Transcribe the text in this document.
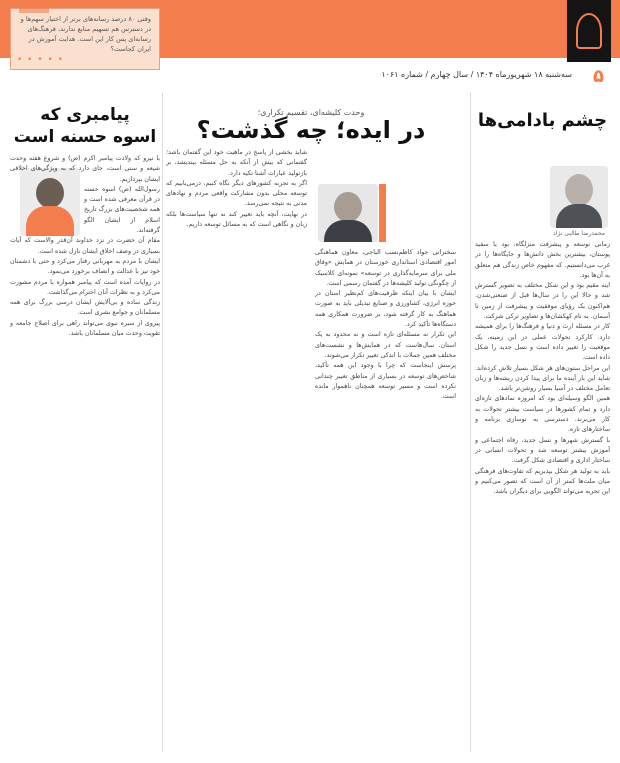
وقتی ۸۰ درصد رسانه‌های برتر از اختیار سهم‌ها و در دسترس هم تسهیم منابع ندارند، فرهنگ‌های رسانه‌ای پس کار این است. هدایت آموزش در ایران کجاست؟
• • • • •
۵
سه‌شنبه ۱۸ شهریورماه ۱۴۰۴ / سال چهارم / شماره ۱۰۶۱
چشم بادامی‌ها
محمدرضا طالبی نژاد

زمانی نوسعه و پیشرفت منزلگاه، بود یا سفید پوستان، بیشترین بخش دانش‌ها و جایگاه‌ها را در غرب می‌دانستیم. که مفهوم خاص زندگی هم متعلق به آن‌ها بود.

اینه مقیم بود و این شکل مختلف به تصویر گسترش شد و حالا این را در سال‌ها قبل از صنعتی‌شدن. هم‌اکنون یک رؤیای موفقیت و پیشرفت از زمین تا آسمان. به نام کهکشان‌ها و تصاویر ترکی شرکت.

کار در مسئله ارث و دنیا و فرهنگ‌ها را برای همیشه دارد. کارکرد تحولات عملی در این زمینه، یک موقعیت را تغییر داده است و نسل جدید را شکل داده است.

این مراحل ستون‌های هر شکل بسیار تلاش کرده‌اند. شاید این بار آینده ما برای پیدا کردن ریشه‌ها و زبان تعامل مختلف در آسیا بسیار روشن‌تر باشد.

همین الگو وسیله‌ای بود که امروزه نمادهای تازه‌ای دارد و تمام کشورها در سیاست بیشتر تحولات به کار می‌برند. دسترسی به نوسازی برنامه و ساختارهای تازه.

با گسترش شهرها و نسل جدید، رفاه اجتماعی و آموزش بیشتر توسعه شد و تحولات انسانی در ساختار اداری و اقتصادی شکل گرفت.

باید به تولید هر شکل بپذیریم که تفاوت‌های فرهنگی میان ملت‌ها کمتر از آن است که تصور می‌کنیم و این تجربه می‌تواند الگویی برای دیگران باشد.

وحدت کلیشه‌ای، تقسیم تکراری؛
در ایده؛ چه گذشت؟

سخنرانی جواد کاظم‌نسب الباجی، معاون هماهنگی امور اقتصادی استانداری خوزستان در همایش «وفاق ملی برای سرمایه‌گذاری در توسعه» نمونه‌ای کلاسیک از چگونگی تولید کلیشه‌ها در گفتمان رسمی است.

ایشان با بیان اینکه ظرفیت‌های کم‌نظیر استان در حوزه انرژی، کشاورزی و صنایع تبدیلی باید به صورت هماهنگ به کار گرفته شود، بر ضرورت همکاری همه دستگاه‌ها تأکید کرد.

این تکرار نه مسئله‌ای تازه است و نه محدود به یک استان. سال‌هاست که در همایش‌ها و نشست‌های مختلف همین جملات با اندکی تغییر تکرار می‌شوند.

پرسش اینجاست که چرا با وجود این همه تأکید، شاخص‌های توسعه در بسیاری از مناطق تغییر چندانی نکرده است و مسیر توسعه همچنان ناهموار مانده است.

شاید بخشی از پاسخ در ماهیت خود این گفتمان باشد؛ گفتمانی که بیش از آنکه به حل مسئله بیندیشد، بر بازتولید عبارات آشنا تکیه دارد.

اگر به تجربه کشورهای دیگر نگاه کنیم، درمی‌یابیم که توسعه محلی بدون مشارکت واقعی مردم و نهادهای مدنی به نتیجه نمی‌رسد.

در نهایت، آنچه باید تغییر کند نه تنها سیاست‌ها بلکه زبان و نگاهی است که به مسائل توسعه داریم.

پیامبری که
اسوه حسنه است

با نیرو که ولادت پیامبر اکرم (ص) و شروع هفته وحدت شیعه و سنی است، جای دارد که به ویژگی‌های اخلاقی ایشان بپردازیم.

رسول‌الله (ص) اسوه حسنه در قرآن معرفی شده است و همه شخصیت‌های بزرگ تاریخ اسلام از ایشان الگو گرفته‌اند.

مقام آن حضرت در نزد خداوند آن‌قدر والاست که آیات بسیاری در وصف اخلاق ایشان نازل شده است.

ایشان با مردم به مهربانی رفتار می‌کرد و حتی با دشمنان خود نیز با عدالت و انصاف برخورد می‌نمود.

در روایات آمده است که پیامبر همواره با مردم مشورت می‌کرد و به نظرات آنان احترام می‌گذاشت.

زندگی ساده و بی‌آلایش ایشان درسی بزرگ برای همه مسلمانان و جوامع بشری است.

پیروی از سیره نبوی می‌تواند راهی برای اصلاح جامعه و تقویت وحدت میان مسلمانان باشد.
